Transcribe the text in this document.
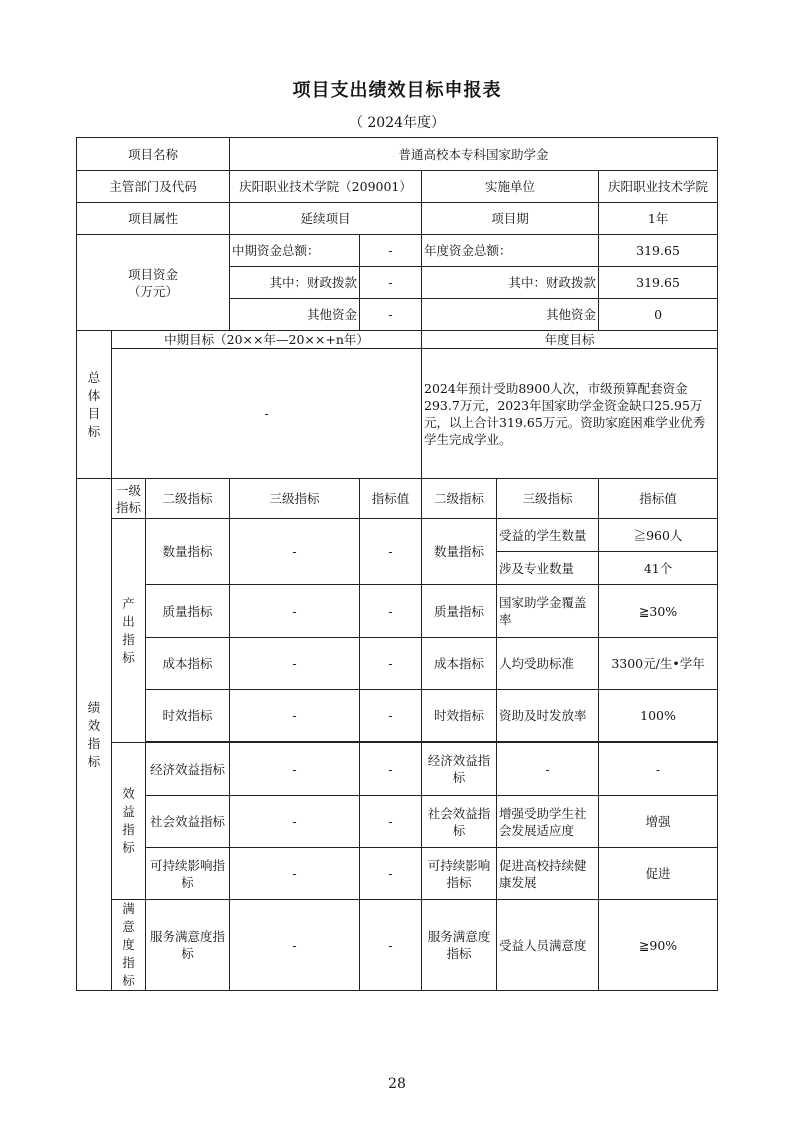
项目支出绩效目标申报表
（ 2024年度）
项目名称			普通高校本专科国家助学金				
主管部门及代码			庆阳职业技术学院（209001）		实施单位		庆阳职业技术学院
项目属性			延续项目		项目期		1年
项目资金
（万元）			中期资金总额：	-	年度资金总额：		319.65
			其中：财政拨款	-	其中：财政拨款		319.65
			其他资金	-	其他资金		0

总体目标	中期目标（20××年—20××+n年）				年度目标		
	-				2024年预计受助8900人次，市级预算配套资金293.7万元，2023年国家助学金资金缺口25.95万元，以上合计319.65万元。资助家庭困难学业优秀学生完成学业。		

绩效指标	一级指标	二级指标	三级指标	指标值	二级指标	三级指标	指标值

	产出指标	数量指标	-	-	数量指标	受益的学生数量	≧960人
						涉及专业数量	41个
		质量指标	-	-	质量指标	国家助学金覆盖率	≧30%
		成本指标	-	-	成本指标	人均受助标准	3300元/生•学年
		时效指标	-	-	时效指标	资助及时发放率	100%

	效益指标	经济效益指标	-	-	经济效益指标	-	-
		社会效益指标	-	-	社会效益指标	增强受助学生社会发展适应度	增强
		可持续影响指标	-	-	可持续影响指标	促进高校持续健康发展	促进

	满意度指标	服务满意度指标	-	-	服务满意度指标	受益人员满意度	≧90%
28
